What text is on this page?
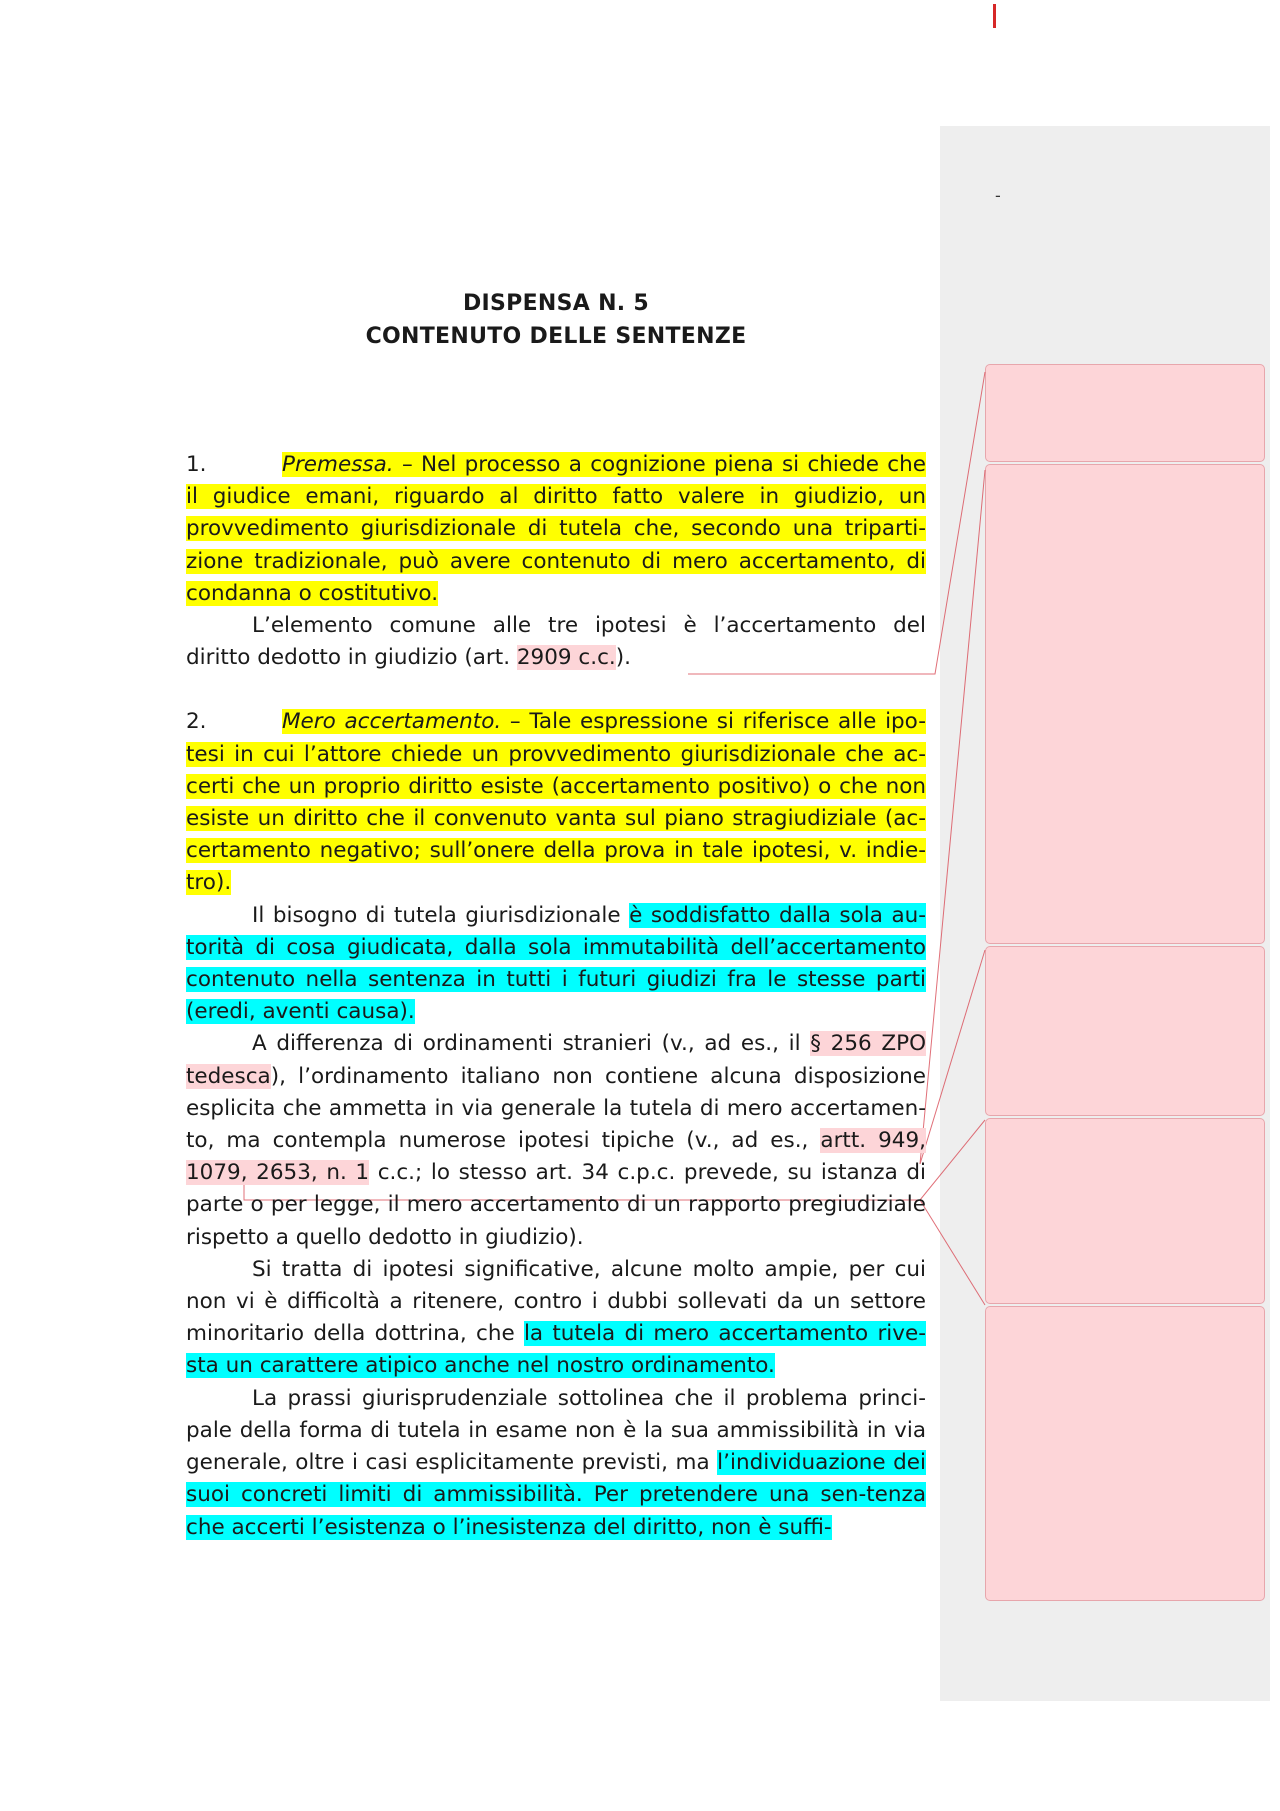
-
DISPENSA N. 5
CONTENUTO DELLE SENTENZE

1.	Premessa. – Nel processo a cognizione piena si chiede che il giudice emani, riguardo al diritto fatto valere in giudizio, un provvedimento giurisdizionale di tutela che, secondo una triparti-zione tradizionale, può avere contenuto di mero accertamento, di condanna o costitutivo.

L’elemento comune alle tre ipotesi è l’accertamento del diritto dedotto in giudizio (art. 2909 c.c.).

2.	Mero accertamento. – Tale espressione si riferisce alle ipo-tesi in cui l’attore chiede un provvedimento giurisdizionale che ac-certi che un proprio diritto esiste (accertamento positivo) o che non esiste un diritto che il convenuto vanta sul piano stragiudiziale (ac-certamento negativo; sull’onere della prova in tale ipotesi, v. indie-tro).

Il bisogno di tutela giurisdizionale è soddisfatto dalla sola au-torità di cosa giudicata, dalla sola immutabilità dell’accertamento contenuto nella sentenza in tutti i futuri giudizi fra le stesse parti (eredi, aventi causa).

A differenza di ordinamenti stranieri (v., ad es., il § 256 ZPO tedesca), l’ordinamento italiano non contiene alcuna disposizione esplicita che ammetta in via generale la tutela di mero accertamen-to, ma contempla numerose ipotesi tipiche (v., ad es., artt. 949, 1079, 2653, n. 1 c.c.; lo stesso art. 34 c.p.c. prevede, su istanza di parte o per legge, il mero accertamento di un rapporto pregiudiziale rispetto a quello dedotto in giudizio).

Si tratta di ipotesi significative, alcune molto ampie, per cui non vi è difficoltà a ritenere, contro i dubbi sollevati da un settore minoritario della dottrina, che la tutela di mero accertamento rive-sta un carattere atipico anche nel nostro ordinamento.

La prassi giurisprudenziale sottolinea che il problema princi-pale della forma di tutela in esame non è la sua ammissibilità in via generale, oltre i casi esplicitamente previsti, ma l’individuazione dei suoi concreti limiti di ammissibilità. Per pretendere una sen-tenza che accerti l’esistenza o l’inesistenza del diritto, non è suffi-
